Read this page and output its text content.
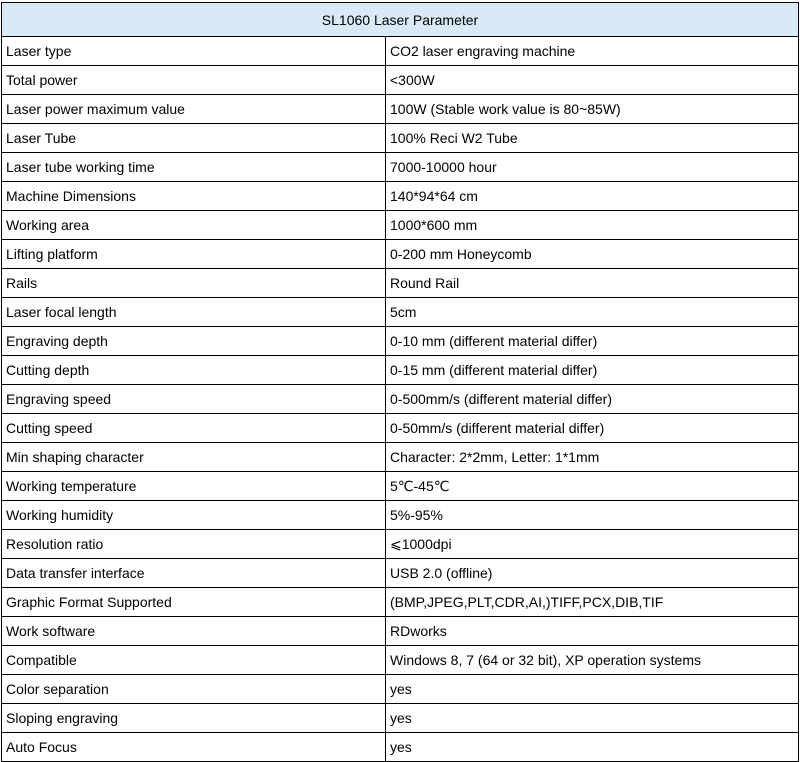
SL1060 Laser Parameter	
Laser type	CO2 laser engraving machine
Total power	<300W
Laser power maximum value	100W (Stable work value is 80~85W)
Laser Tube	100% Reci W2 Tube
Laser tube working time	7000-10000 hour
Machine Dimensions	140*94*64 cm
Working area	1000*600 mm
Lifting platform	0-200 mm Honeycomb
Rails	Round Rail
Laser focal length	5cm
Engraving depth	0-10 mm (different material differ)
Cutting depth	0-15 mm (different material differ)
Engraving speed	0-500mm/s (different material differ)
Cutting speed	0-50mm/s (different material differ)
Min shaping character	Character: 2*2mm, Letter: 1*1mm
Working temperature	5℃-45℃
Working humidity	5%-95%
Resolution ratio	⩽1000dpi
Data transfer interface	USB 2.0 (offline)
Graphic Format Supported	(BMP,JPEG,PLT,CDR,AI,)TIFF,PCX,DIB,TIF
Work software	RDworks
Compatible	Windows 8, 7 (64 or 32 bit), XP operation systems
Color separation	yes
Sloping engraving	yes
Auto Focus	yes
